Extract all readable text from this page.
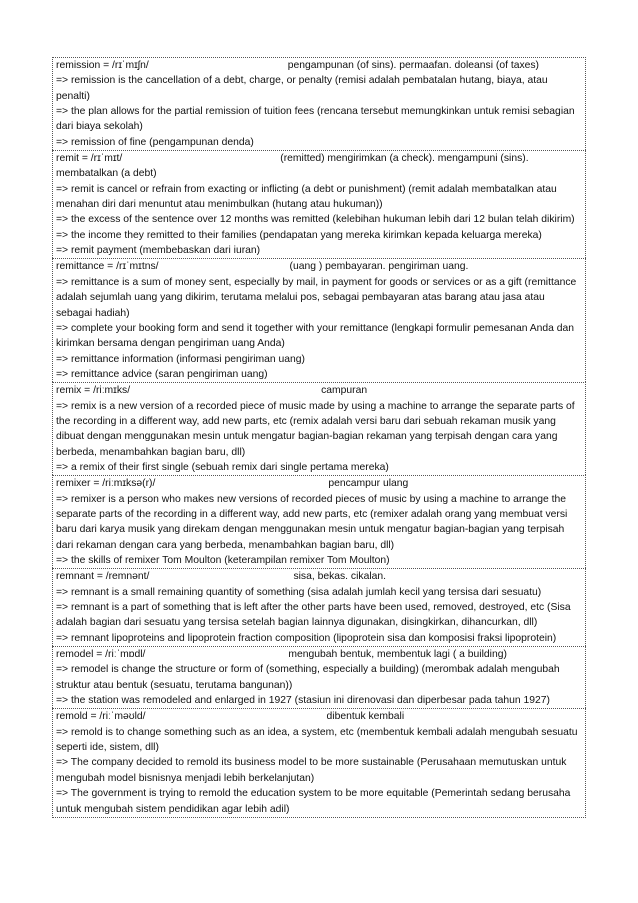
remission = /rɪˈmɪʃn/	pengampunan (of sins). permaafan. doleansi (of taxes)
=> remission is the cancellation of a debt, charge, or penalty (remisi adalah pembatalan hutang, biaya, atau penalti)
=> the plan allows for the partial remission of tuition fees (rencana tersebut memungkinkan untuk remisi sebagian dari biaya sekolah)
=> remission of fine (pengampunan denda)
remit = /rɪˈmɪt/	(remitted) mengirimkan (a check). mengampuni (sins). membatalkan (a debt)
=> remit is cancel or refrain from exacting or inflicting (a debt or punishment) (remit adalah membatalkan atau menahan diri dari menuntut atau menimbulkan (hutang atau hukuman))
=> the excess of the sentence over 12 months was remitted (kelebihan hukuman lebih dari 12 bulan telah dikirim)
=> the income they remitted to their families (pendapatan yang mereka kirimkan kepada keluarga mereka)
=> remit payment (membebaskan dari iuran)
remittance = /rɪˈmɪtns/	(uang ) pembayaran. pengiriman uang.
=> remittance is a sum of money sent, especially by mail, in payment for goods or services or as a gift (remittance adalah sejumlah uang yang dikirim, terutama melalui pos, sebagai pembayaran atas barang atau jasa atau sebagai hadiah)
=> complete your booking form and send it together with your remittance (lengkapi formulir pemesanan Anda dan kirimkan bersama dengan pengiriman uang Anda)
=> remittance information (informasi pengiriman uang)
=> remittance advice (saran pengiriman uang)
remix = /riːmɪks/	campuran
=> remix is a new version of a recorded piece of music made by using a machine to arrange the separate parts of the recording in a different way, add new parts, etc (remix adalah versi baru dari sebuah rekaman musik yang dibuat dengan menggunakan mesin untuk mengatur bagian-bagian rekaman yang terpisah dengan cara yang berbeda, menambahkan bagian baru, dll)
=> a remix of their first single (sebuah remix dari single pertama mereka)
remixer = /riːmɪksə(r)/	pencampur ulang
=> remixer is a person who makes new versions of recorded pieces of music by using a machine to arrange the separate parts of the recording in a different way, add new parts, etc (remixer adalah orang yang membuat versi baru dari karya musik yang direkam dengan menggunakan mesin untuk mengatur bagian-bagian yang terpisah dari rekaman dengan cara yang berbeda, menambahkan bagian baru, dll)
=> the skills of remixer Tom Moulton (keterampilan remixer Tom Moulton)
remnant = /remnənt/	sisa, bekas. cikalan.
=> remnant is a small remaining quantity of something (sisa adalah jumlah kecil yang tersisa dari sesuatu)
=> remnant is a part of something that is left after the other parts have been used, removed, destroyed, etc (Sisa adalah bagian dari sesuatu yang tersisa setelah bagian lainnya digunakan, disingkirkan, dihancurkan, dll)
=> remnant lipoproteins and lipoprotein fraction composition (lipoprotein sisa dan komposisi fraksi lipoprotein)
remodel = /riːˈmɒdl/	mengubah bentuk, membentuk lagi ( a building)
=> remodel is change the structure or form of (something, especially a building) (merombak adalah mengubah struktur atau bentuk (sesuatu, terutama bangunan))
=> the station was remodeled and enlarged in 1927 (stasiun ini direnovasi dan diperbesar pada tahun 1927)
remold = /riːˈməʊld/	dibentuk kembali
=> remold is to change something such as an idea, a system, etc (membentuk kembali adalah mengubah sesuatu seperti ide, sistem, dll)
=> The company decided to remold its business model to be more sustainable (Perusahaan memutuskan untuk mengubah model bisnisnya menjadi lebih berkelanjutan)
=> The government is trying to remold the education system to be more equitable (Pemerintah sedang berusaha untuk mengubah sistem pendidikan agar lebih adil)
